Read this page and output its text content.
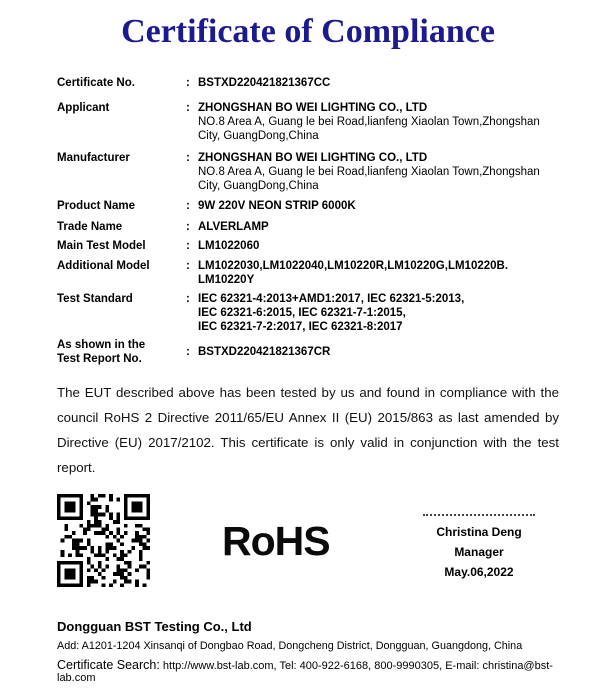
Certificate of Compliance
Certificate No.	: BSTXD220421821367CC
Applicant	: ZHONGSHAN BO WEI LIGHTING CO., LTD
NO.8 Area A, Guang le bei Road,lianfeng Xiaolan Town,Zhongshan
City, GuangDong,China
Manufacturer	: ZHONGSHAN BO WEI LIGHTING CO., LTD
NO.8 Area A, Guang le bei Road,lianfeng Xiaolan Town,Zhongshan
City, GuangDong,China
Product Name	: 9W 220V NEON STRIP 6000K
Trade Name	: ALVERLAMP
Main Test Model	: LM1022060
Additional Model	: LM1022030,LM1022040,LM10220R,LM10220G,LM10220B.
LM10220Y
Test Standard	: IEC 62321-4:2013+AMD1:2017, IEC 62321-5:2013,
IEC 62321-6:2015, IEC 62321-7-1:2015,
IEC 62321-7-2:2017, IEC 62321-8:2017
As shown in the
Test Report No.
: BSTXD220421821367CR

The EUT described above has been tested by us and found in compliance with the council RoHS 2 Directive 2011/65/EU Annex II (EU) 2015/863 as last amended by Directive (EU) 2017/2102. This certificate is only valid in conjunction with the test report.

RoHS	Christina Deng
Manager
May.06,2022
Dongguan BST Testing Co., Ltd
Add: A1201-1204 Xinsanqi of Dongbao Road, Dongcheng District, Dongguan, Guangdong, China
Certificate Search: http://www.bst-lab.com, Tel: 400-922-6168, 800-9990305, E-mail: christina@bst-lab.com
